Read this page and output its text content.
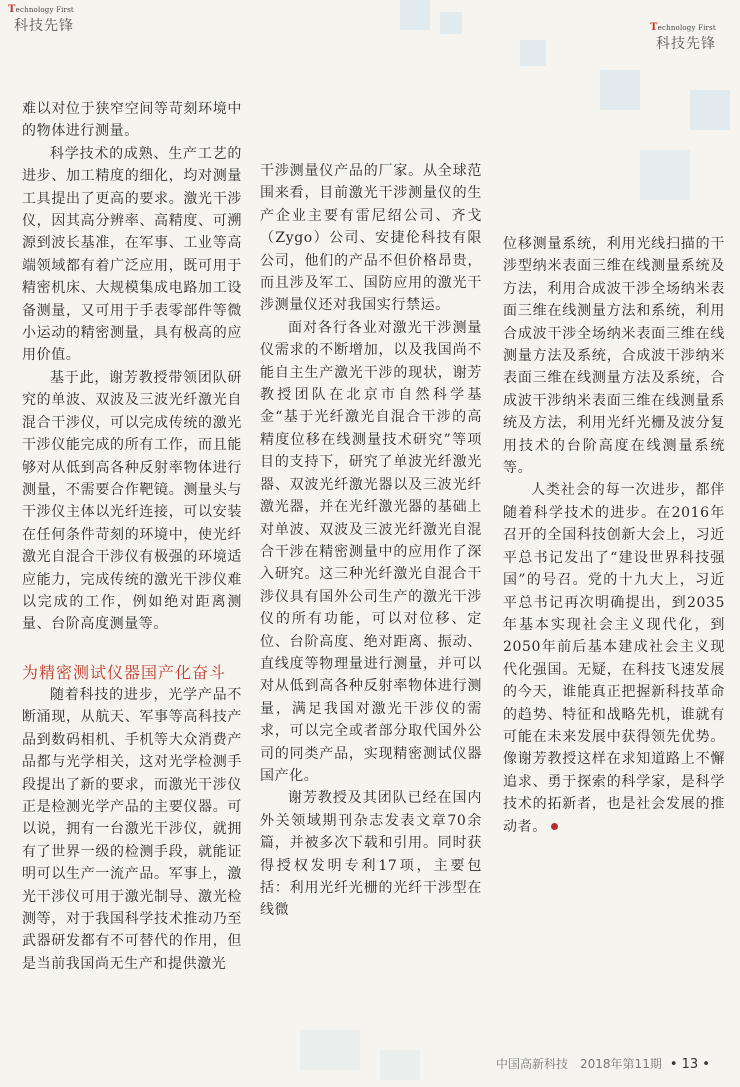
Technology First
科技先锋	Technology First
科技先锋

难以对位于狭窄空间等苛刻环境中的物体进行测量。

科学技术的成熟、生产工艺的进步、加工精度的细化，均对测量工具提出了更高的要求。激光干涉仪，因其高分辨率、高精度、可溯源到波长基准，在军事、工业等高端领域都有着广泛应用，既可用于精密机床、大规模集成电路加工设备测量，又可用于手表零部件等微小运动的精密测量，具有极高的应用价值。

基于此，谢芳教授带领团队研究的单波、双波及三波光纤激光自混合干涉仪，可以完成传统的激光干涉仪能完成的所有工作，而且能够对从低到高各种反射率物体进行测量，不需要合作靶镜。测量头与干涉仪主体以光纤连接，可以安装在任何条件苛刻的环境中，使光纤激光自混合干涉仪有极强的环境适应能力，完成传统的激光干涉仪难以完成的工作，例如绝对距离测量、台阶高度测量等。

为精密测试仪器国产化奋斗

随着科技的进步，光学产品不断涌现，从航天、军事等高科技产品到数码相机、手机等大众消费产品都与光学相关，这对光学检测手段提出了新的要求，而激光干涉仪正是检测光学产品的主要仪器。可以说，拥有一台激光干涉仪，就拥有了世界一级的检测手段，就能证明可以生产一流产品。军事上，激光干涉仪可用于激光制导、激光检测等，对于我国科学技术推动乃至武器研发都有不可替代的作用，但是当前我国尚无生产和提供激光

干涉测量仪产品的厂家。从全球范围来看，目前激光干涉测量仪的生产企业主要有雷尼绍公司、齐戈（Zygo）公司、安捷伦科技有限公司，他们的产品不但价格昂贵，而且涉及军工、国防应用的激光干涉测量仪还对我国实行禁运。

面对各行各业对激光干涉测量仪需求的不断增加，以及我国尚不能自主生产激光干涉的现状，谢芳教授团队在北京市自然科学基金“基于光纤激光自混合干涉的高精度位移在线测量技术研究”等项目的支持下，研究了单波光纤激光器、双波光纤激光器以及三波光纤激光器，并在光纤激光器的基础上对单波、双波及三波光纤激光自混合干涉在精密测量中的应用作了深入研究。这三种光纤激光自混合干涉仪具有国外公司生产的激光干涉仪的所有功能，可以对位移、定位、台阶高度、绝对距离、振动、直线度等物理量进行测量，并可以对从低到高各种反射率物体进行测量，满足我国对激光干涉仪的需求，可以完全或者部分取代国外公司的同类产品，实现精密测试仪器国产化。

谢芳教授及其团队已经在国内外关领域期刊杂志发表文章70余篇，并被多次下载和引用。同时获得授权发明专利17项，主要包括：利用光纤光栅的光纤干涉型在线微

位移测量系统，利用光线扫描的干涉型纳米表面三维在线测量系统及方法，利用合成波干涉全场纳米表面三维在线测量方法和系统，利用合成波干涉全场纳米表面三维在线测量方法及系统，合成波干涉纳米表面三维在线测量方法及系统，合成波干涉纳米表面三维在线测量系统及方法，利用光纤光栅及波分复用技术的台阶高度在线测量系统等。

人类社会的每一次进步，都伴随着科学技术的进步。在2016年召开的全国科技创新大会上，习近平总书记发出了“建设世界科技强国”的号召。党的十九大上，习近平总书记再次明确提出，到2035年基本实现社会主义现代化，到2050年前后基本建成社会主义现代化强国。无疑，在科技飞速发展的今天，谁能真正把握新科技革命的趋势、特征和战略先机，谁就有可能在未来发展中获得领先优势。像谢芳教授这样在求知道路上不懈追求、勇于探索的科学家，是科学技术的拓新者，也是社会发展的推动者。

中国高新科技 2018年第11期 • 13 •
